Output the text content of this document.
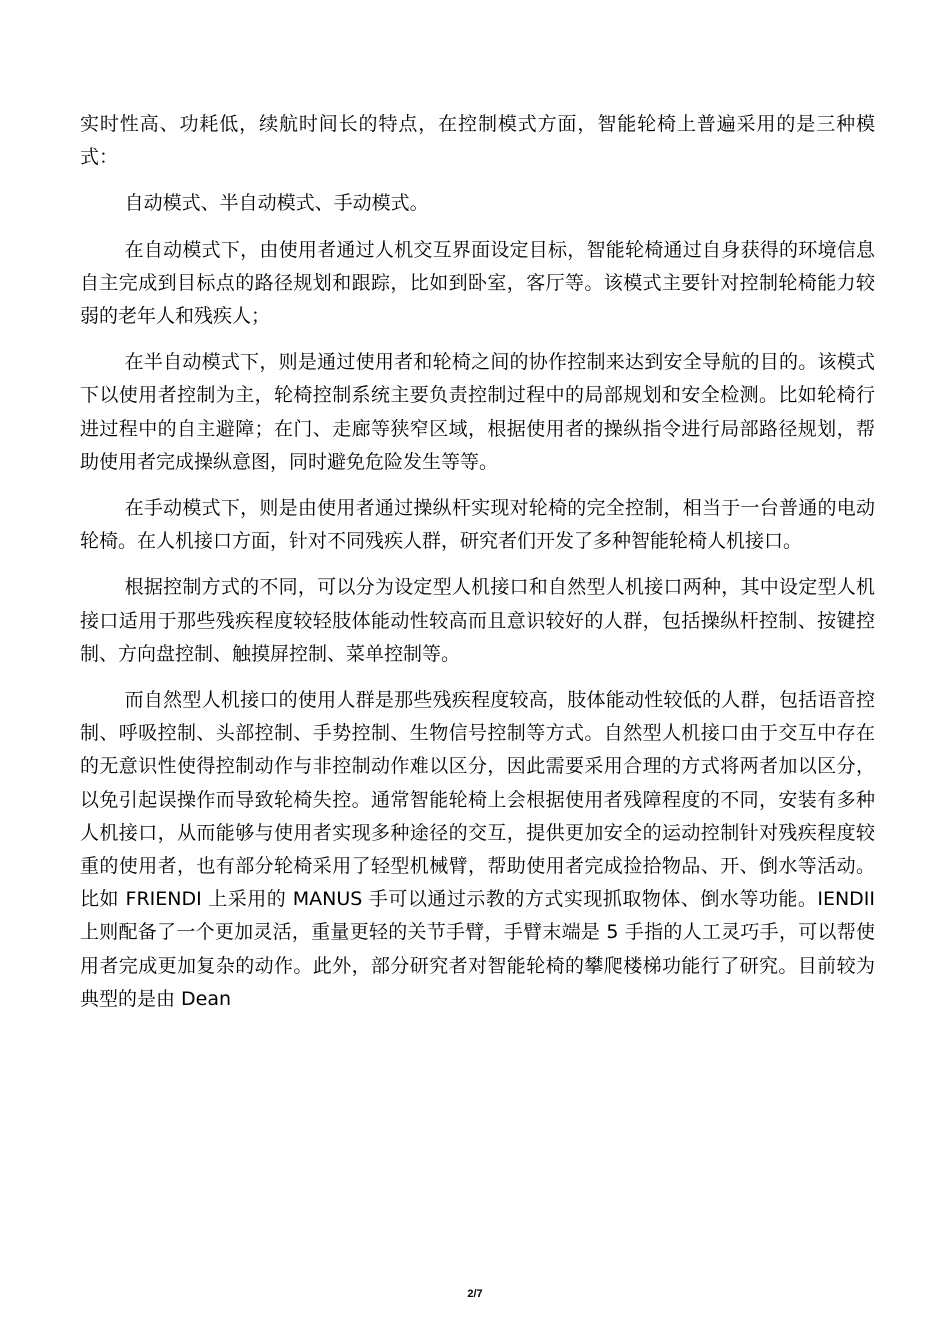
实时性高、功耗低，续航时间长的特点，在控制模式方面，智能轮椅上普遍采用的是三种模式：

自动模式、半自动模式、手动模式。

在自动模式下，由使用者通过人机交互界面设定目标，智能轮椅通过自身获得的环境信息自主完成到目标点的路径规划和跟踪，比如到卧室，客厅等。该模式主要针对控制轮椅能力较弱的老年人和残疾人；

在半自动模式下，则是通过使用者和轮椅之间的协作控制来达到安全导航的目的。该模式下以使用者控制为主，轮椅控制系统主要负责控制过程中的局部规划和安全检测。比如轮椅行进过程中的自主避障；在门、走廊等狭窄区域，根据使用者的操纵指令进行局部路径规划，帮助使用者完成操纵意图，同时避免危险发生等等。

在手动模式下，则是由使用者通过操纵杆实现对轮椅的完全控制，相当于一台普通的电动轮椅。在人机接口方面，针对不同残疾人群，研究者们开发了多种智能轮椅人机接口。

根据控制方式的不同，可以分为设定型人机接口和自然型人机接口两种，其中设定型人机接口适用于那些残疾程度较轻肢体能动性较高而且意识较好的人群，包括操纵杆控制、按键控制、方向盘控制、触摸屏控制、菜单控制等。

而自然型人机接口的使用人群是那些残疾程度较高，肢体能动性较低的人群，包括语音控制、呼吸控制、头部控制、手势控制、生物信号控制等方式。自然型人机接口由于交互中存在的无意识性使得控制动作与非控制动作难以区分，因此需要采用合理的方式将两者加以区分，以免引起误操作而导致轮椅失控。通常智能轮椅上会根据使用者残障程度的不同，安装有多种人机接口，从而能够与使用者实现多种途径的交互，提供更加安全的运动控制针对残疾程度较重的使用者，也有部分轮椅采用了轻型机械臂，帮助使用者完成捡拾物品、开、倒水等活动。比如 FRIENDI 上采用的 MANUS 手可以通过示教的方式实现抓取物体、倒水等功能。IENDII 上则配备了一个更加灵活，重量更轻的关节手臂，手臂末端是 5 手指的人工灵巧手，可以帮使用者完成更加复杂的动作。此外，部分研究者对智能轮椅的攀爬楼梯功能行了研究。目前较为典型的是由 Dean

2/7
